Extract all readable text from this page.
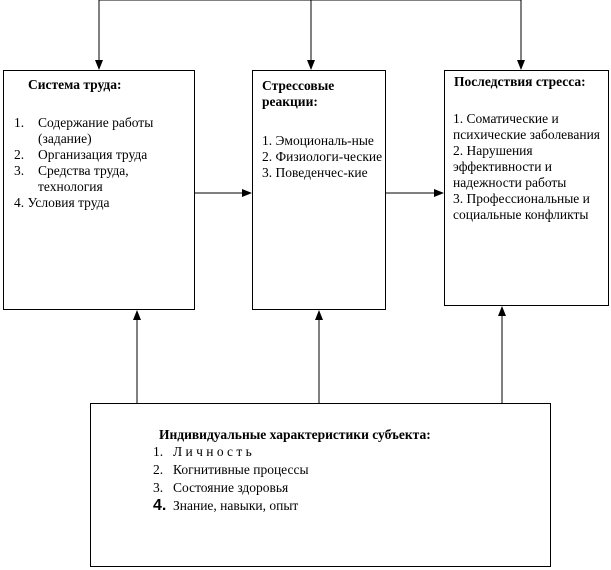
Система труда:
1. Содержание работы (задание)
2. Организация труда
3. Средства труда, технология
4. Условия труда
Стрессовые реакции:
1. Эмоциональ-ные
2. Физиологи-ческие
3. Поведенчес-кие
Последствия стресса:
1. Соматические и психические заболевания
2. Нарушения эффективности и надежности работы
3. Профессиональные и социальные конфликты
Индивидуальные характеристики субъекта:
1. Л и ч н о с т ь
2. Когнитивные процессы
3. Состояние здоровья
4. Знание, навыки, опыт
